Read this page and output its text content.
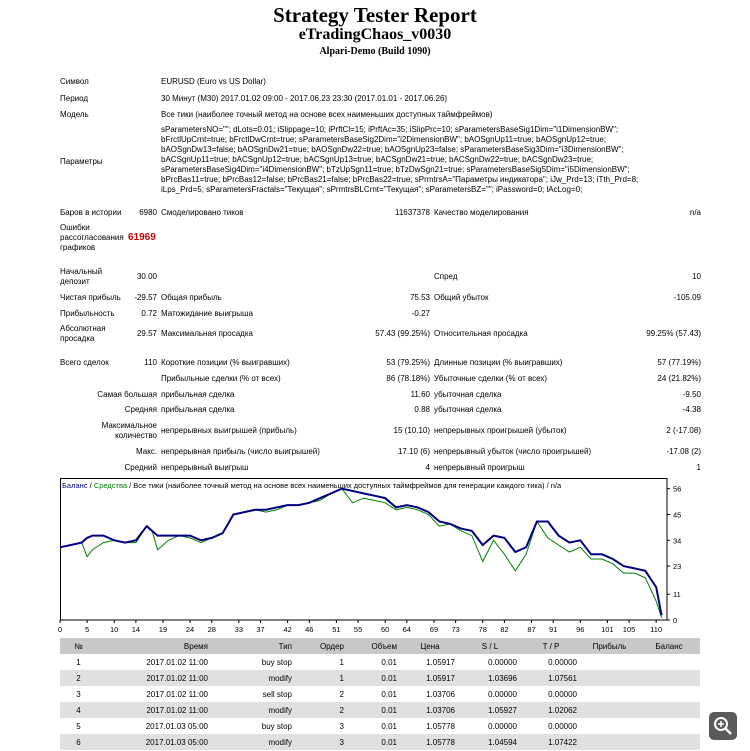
Strategy Tester Report
eTradingChaos_v0030
Alpari-Demo (Build 1090)
Символ	EURUSD (Euro vs US Dollar)
Период	30 Минут (M30) 2017.01.02 09:00 - 2017.06.23 23:30 (2017.01.01 - 2017.06.26)
Модель	Все тики (наиболее точный метод на основе всех наименьших доступных таймфреймов)
Параметры
sParametersNO=""; dLots=0.01; iSlippage=10; iPrftCl=15; iPrftAc=35; iSlipPrc=10; sParametersBaseSig1Dim="i1DimensionBW";
bFrctlUpCrnt=true; bFrctlDwCrnt=true; sParametersBaseSig2Dim="i2DimensionBW"; bAOSgnUp11=true; bAOSgnUp12=true;
bAOSgnDw13=false; bAOSgnDw21=true; bAOSgnDw22=true; bAOSgnUp23=false; sParametersBaseSig3Dim="i3DimensionBW";
bACSgnUp11=true; bACSgnUp12=true; bACSgnUp13=true; bACSgnDw21=true; bACSgnDw22=true; bACSgnDw23=true;
sParametersBaseSig4Dim="i4DimensionBW"; bTzUpSgn11=true; bTzDwSgn21=true; sParametersBaseSig5Dim="i5DimensionBW";
bPrcBas11=true; bPrcBas12=false; bPrcBas21=false; bPrcBas22=true; sPrmtrsA="Параметры индикатора"; iJw_Prd=13; iTth_Prd=8;
iLps_Prd=5; sParametersFractals="Текущая"; sPrmtrsBLCrnt="Текущая"; sParametersBZ=""; iPassword=0; lAcLog=0;
Баров в истории	6980 Смоделировано тиков	11637378 Качество моделирования	n/a
Ошибки
рассогласования
графиков
61969
Начальный
депозит
30.00	Спред	10
Чистая прибыль	-29.57 Общая прибыль	75.53 Общий убыток	-105.09
Прибыльность	0.72 Матожидание выигрыша	-0.27
Абсолютная
просадка
29.57 Максимальная просадка	57.43 (99.25%) Относительная просадка	99.25% (57.43)
Всего сделок	110 Короткие позиции (% выигравших)	53 (79.25%) Длинные позиции (% выигравших)	57 (77.19%)
Прибыльные сделки (% от всех)	86 (78.18%) Убыточные сделки (% от всех)	24 (21.82%)
Самая большая прибыльная сделка	11.60 убыточная сделка	-9.50
Средняя прибыльная сделка	0.88 убыточная сделка	-4.38
Максимальное
количество
непрерывных выигрышей (прибыль)	15 (10.10) непрерывных проигрышей (убыток)	2 (-17.08)
Макс. непрерывная прибыль (число выигрышей)	17.10 (6) непрерывный убыток (число проигрышей)	-17.08 (2)
Средний непрерывный выигрыш	4 непрерывный проигрыш	1
Баланс / Средства / Все тики (наиболее точный метод на основе всех наименьших доступных таймфреймов для генерации каждого тика) / n/a
0
11
23
34
45
56
0	5	10 14	19	24 28	33 37	42 46	51 55	60 64	69 73	78 82	87 91	96 101 105 110
№	Время	Тип	Ордер	Объем	Цена	S / L	T / P	Прибыль	Баланс
1	2017.01.02 11:00	buy stop	1	0.01	1.05917	0.00000	0.00000		
2	2017.01.02 11:00	modify	1	0.01	1.05917	1.03696	1.07561		
3	2017.01.02 11:00	sell stop	2	0.01	1.03706	0.00000	0.00000		
4	2017.01.02 11:00	modify	2	0.01	1.03706	1.05927	1.02062		
5	2017.01.03 05:00	buy stop	3	0.01	1.05778	0.00000	0.00000		
6	2017.01.03 05:00	modify	3	0.01	1.05778	1.04594	1.07422		
